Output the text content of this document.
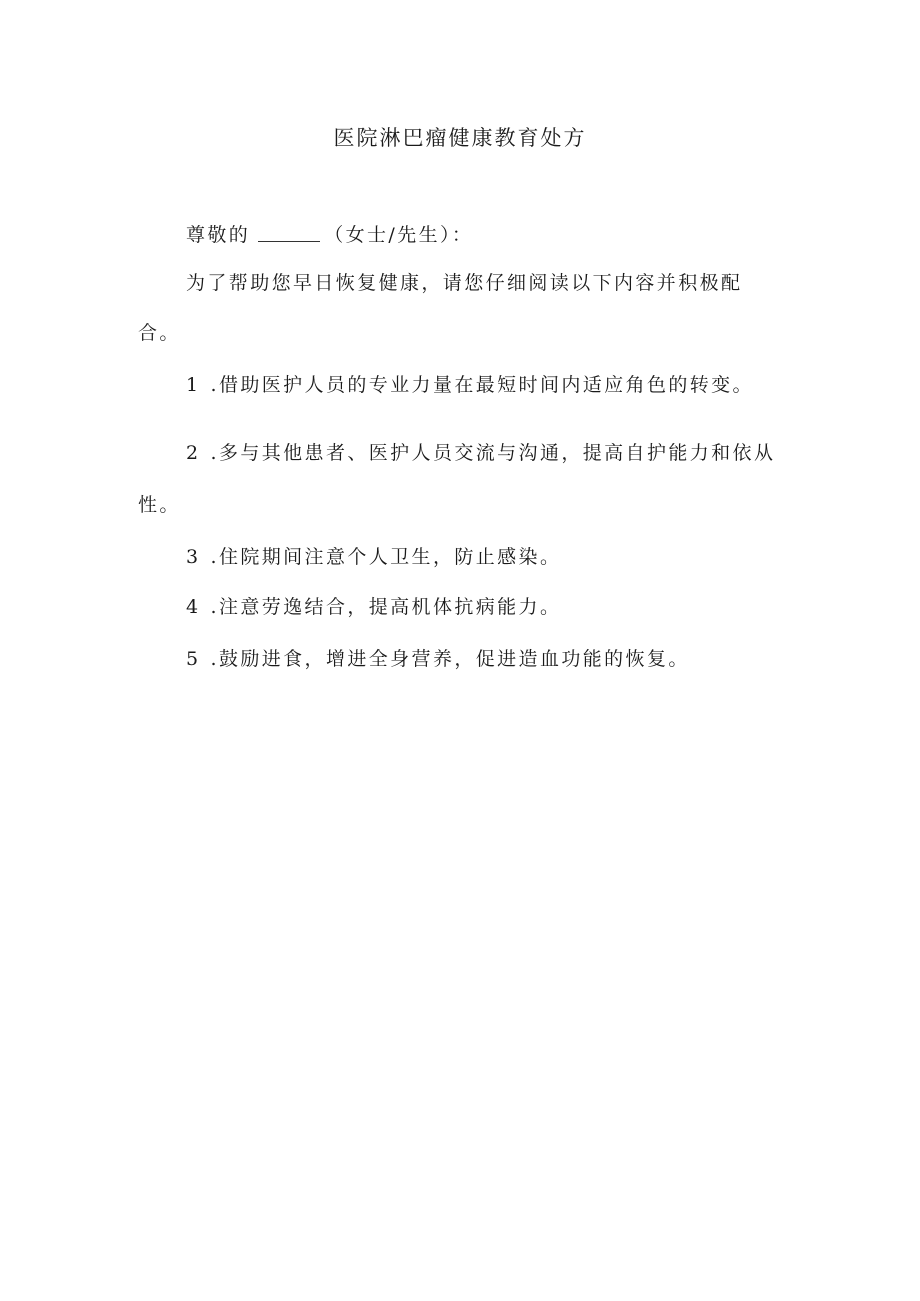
医院淋巴瘤健康教育处方
尊敬的	（女士/先生）：
为了帮助您早日恢复健康，请您仔细阅读以下内容并积极配
合。
1 .借助医护人员的专业力量在最短时间内适应角色的转变。
2 .多与其他患者、医护人员交流与沟通，提高自护能力和依从
性。
3 .住院期间注意个人卫生，防止感染。
4 .注意劳逸结合，提高机体抗病能力。
5 .鼓励进食，增进全身营养，促进造血功能的恢复。
